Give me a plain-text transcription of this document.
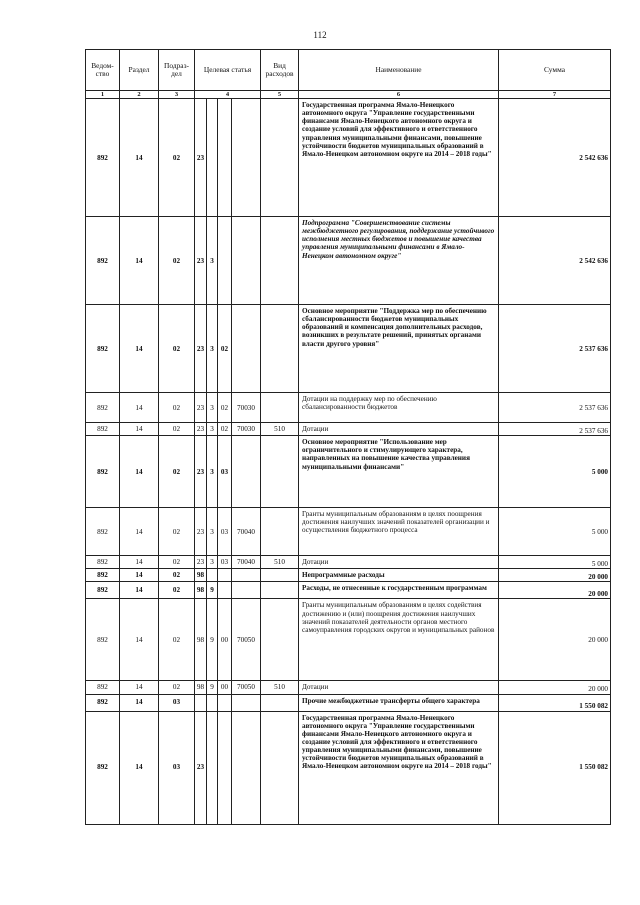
112
Ведом-ство	Раздел	Подраз-дел	Целевая статья				Вид расходов	Наименование	Сумма
1	2	3	4				5	6	7
892	14	02	23					Государственная программа Ямало-Ненецкого автономного округа "Управление государственными финансами Ямало-Ненецкого автономного округа и создание условий для эффективного и ответственного управления муниципальными финансами, повышение устойчивости бюджетов муниципальных образований в Ямало-Ненецком автономном округе на 2014 – 2018 годы"	2 542 636
892	14	02	23	3				Подпрограмма "Совершенствование системы межбюджетного регулирования, поддержание устойчивого исполнения местных бюджетов и повышение качества управления муниципальными финансами в Ямало-Ненецком автономном округе"	2 542 636
892	14	02	23	3	02			Основное мероприятие "Поддержка мер по обеспечению сбалансированности бюджетов муниципальных образований и компенсация дополнительных расходов, возникших в результате решений, принятых органами власти другого уровня"	2 537 636
892	14	02	23	3	02	70030		Дотации на поддержку мер по обеспечению сбалансированности бюджетов	2 537 636
892	14	02	23	3	02	70030	510	Дотации	2 537 636
892	14	02	23	3	03			Основное мероприятие "Использование мер ограничительного и стимулирующего характера, направленных на повышение качества управления муниципальными финансами"	5 000
892	14	02	23	3	03	70040		Гранты муниципальным образованиям в целях поощрения достижения наилучших значений показателей организации и осуществления бюджетного процесса	5 000
892	14	02	23	3	03	70040	510	Дотации	5 000
892	14	02	98					Непрограммные расходы	20 000
892	14	02	98	9				Расходы, не отнесенные к государственным программам	20 000
892	14	02	98	9	00	70050		Гранты муниципальным образованиям в целях содействия достижению и (или) поощрения достижения наилучших значений показателей деятельности органов местного самоуправления городских округов и муниципальных районов	20 000
892	14	02	98	9	00	70050	510	Дотации	20 000
892	14	03						Прочие межбюджетные трансферты общего характера	1 550 082
892	14	03	23					Государственная программа Ямало-Ненецкого автономного округа "Управление государственными финансами Ямало-Ненецкого автономного округа и создание условий для эффективного и ответственного управления муниципальными финансами, повышение устойчивости бюджетов муниципальных образований в Ямало-Ненецком автономном округе на 2014 – 2018 годы"	1 550 082
